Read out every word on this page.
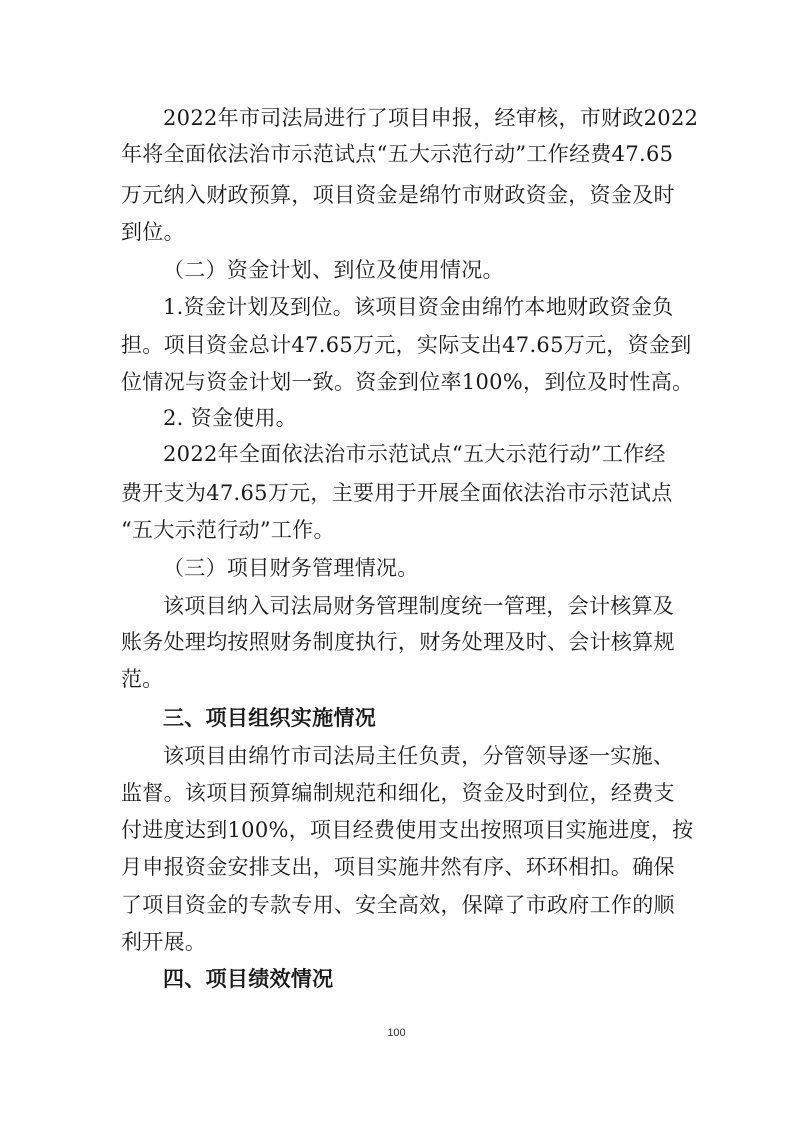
2022年市司法局进行了项目申报，经审核，市财政2022
年将全面依法治市示范试点“五大示范行动”工作经费47.65
万元纳入财政预算，项目资金是绵竹市财政资金，资金及时
到位。
（二）资金计划、到位及使用情况。
1.资金计划及到位。该项目资金由绵竹本地财政资金负
担。项目资金总计47.65万元，实际支出47.65万元，资金到
位情况与资金计划一致。资金到位率100%，到位及时性高。
2. 资金使用。
2022年全面依法治市示范试点“五大示范行动”工作经
费开支为47.65万元，主要用于开展全面依法治市示范试点
“五大示范行动”工作。
（三）项目财务管理情况。
该项目纳入司法局财务管理制度统一管理，会计核算及
账务处理均按照财务制度执行，财务处理及时、会计核算规
范。
三、项目组织实施情况
该项目由绵竹市司法局主任负责，分管领导逐一实施、
监督。该项目预算编制规范和细化，资金及时到位，经费支
付进度达到100%，项目经费使用支出按照项目实施进度，按
月申报资金安排支出，项目实施井然有序、环环相扣。确保
了项目资金的专款专用、安全高效，保障了市政府工作的顺
利开展。
四、项目绩效情况
100
